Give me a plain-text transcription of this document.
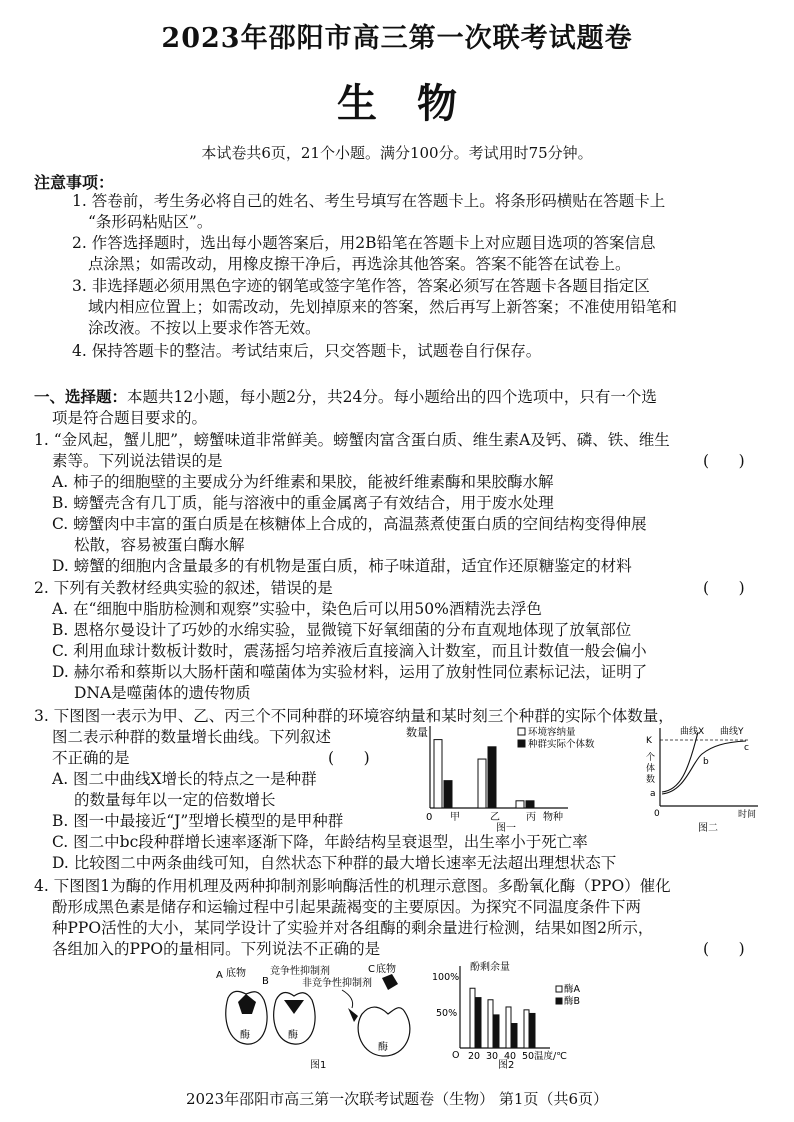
2023年邵阳市高三第一次联考试题卷
生物
本试卷共6页，21个小题。满分100分。考试用时75分钟。
注意事项：
1. 答卷前，考生务必将自己的姓名、考生号填写在答题卡上。将条形码横贴在答题卡上
“条形码粘贴区”。
2. 作答选择题时，选出每小题答案后，用2B铅笔在答题卡上对应题目选项的答案信息
点涂黑；如需改动，用橡皮擦干净后，再选涂其他答案。答案不能答在试卷上。
3. 非选择题必须用黑色字迹的钢笔或签字笔作答，答案必须写在答题卡各题目指定区
域内相应位置上；如需改动，先划掉原来的答案，然后再写上新答案；不准使用铅笔和
涂改液。不按以上要求作答无效。
4. 保持答题卡的整洁。考试结束后，只交答题卡，试题卷自行保存。
一、选择题：本题共12小题，每小题2分，共24分。每小题给出的四个选项中，只有一个选
项是符合题目要求的。
1. “金风起，蟹儿肥”，螃蟹味道非常鲜美。螃蟹肉富含蛋白质、维生素A及钙、磷、铁、维生
素等。下列说法错误的是	(      )
A. 柿子的细胞壁的主要成分为纤维素和果胶，能被纤维素酶和果胶酶水解
B. 螃蟹壳含有几丁质，能与溶液中的重金属离子有效结合，用于废水处理
C. 螃蟹肉中丰富的蛋白质是在核糖体上合成的，高温蒸煮使蛋白质的空间结构变得伸展
松散，容易被蛋白酶水解
D. 螃蟹的细胞内含量最多的有机物是蛋白质，柿子味道甜，适宜作还原糖鉴定的材料
2. 下列有关教材经典实验的叙述，错误的是	(      )
A. 在“细胞中脂肪检测和观察”实验中，染色后可以用50%酒精洗去浮色
B. 恩格尔曼设计了巧妙的水绵实验，显微镜下好氧细菌的分布直观地体现了放氧部位
C. 利用血球计数板计数时，震荡摇匀培养液后直接滴入计数室，而且计数值一般会偏小
D. 赫尔希和蔡斯以大肠杆菌和噬菌体为实验材料，运用了放射性同位素标记法，证明了
DNA是噬菌体的遗传物质
3. 下图图一表示为甲、乙、丙三个不同种群的环境容纳量和某时刻三个种群的实际个体数量，
图二表示种群的数量增长曲线。下列叙述
不正确的是	(      )
A. 图二中曲线X增长的特点之一是种群
的数量每年以一定的倍数增长
B. 图一中最接近“J”型增长模型的是甲种群
C. 图二中bc段种群增长速率逐渐下降，年龄结构呈衰退型，出生率小于死亡率
D. 比较图二中两条曲线可知，自然状态下种群的最大增长速率无法超出理想状态下
数量
0 甲	乙	丙 物种
图一
环境容纳量
种群实际个体数	K
个
体
数
a
b
c
曲线X 曲线Y
0	时间
图二
4. 下图图1为酶的作用机理及两种抑制剂影响酶活性的机理示意图。多酚氧化酶（PPO）催化
酚形成黑色素是储存和运输过程中引起果蔬褐变的主要原因。为探究不同温度条件下两
种PPO活性的大小，某同学设计了实验并对各组酶的剩余量进行检测，结果如图2所示，
各组加入的PPO的量相同。下列说法不正确的是	(      )
A 底物
酶
B
竞争性抑制剂
酶
非竞争性抑制剂
C 底物
酶
图1
酚剩余量
100%
50%
O	温度/℃
图2
酶A
酶B
20 30 40 50
2023年邵阳市高三第一次联考试题卷（生物） 第1页（共6页）
